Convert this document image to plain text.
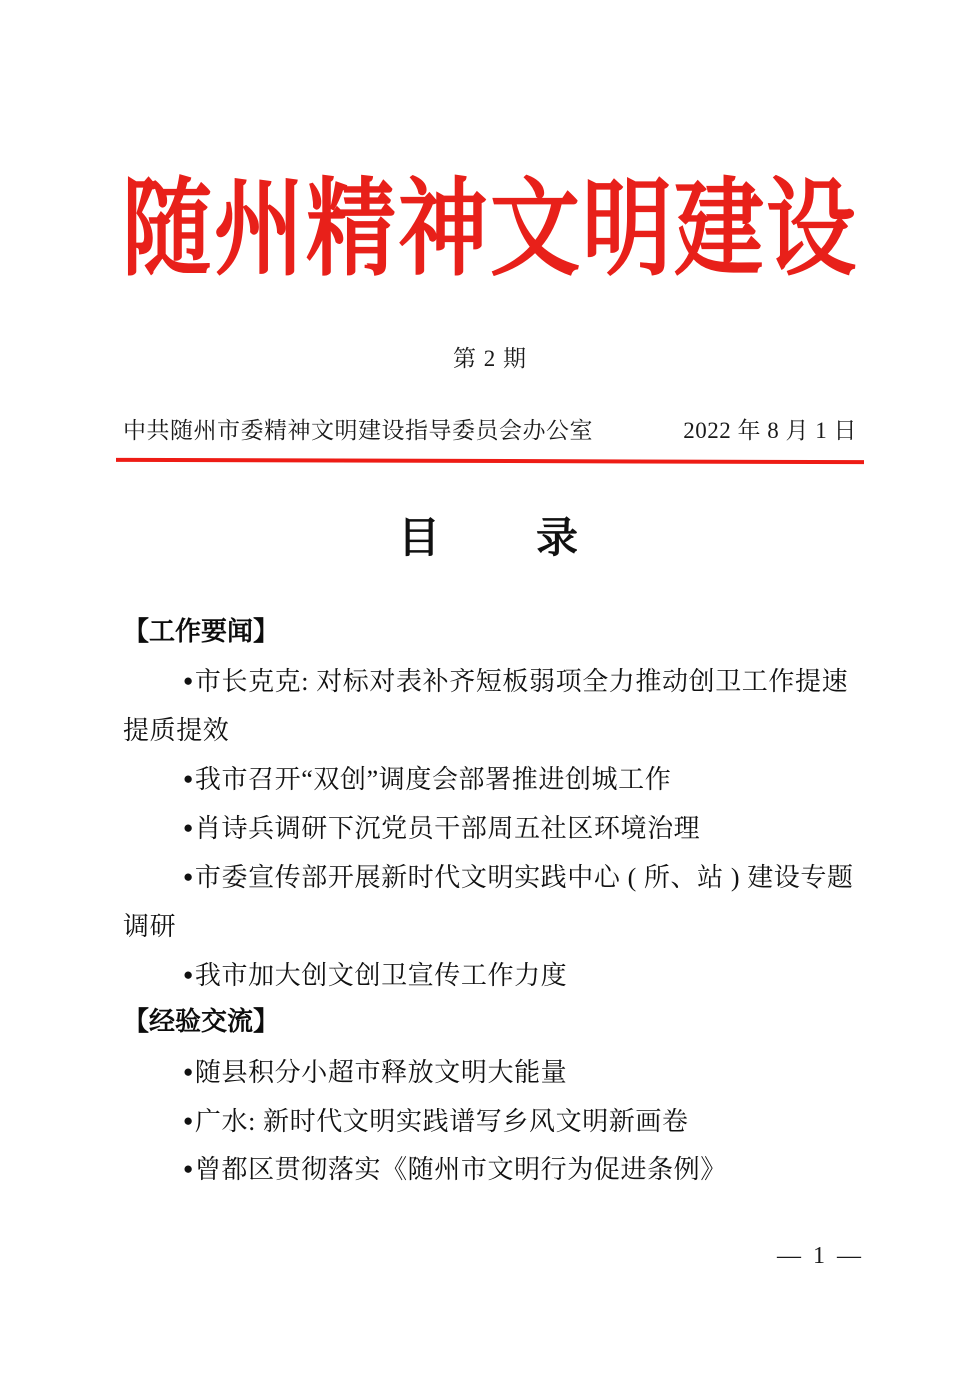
随州精神文明建设
第 2 期
中共随州市委精神文明建设指导委员会办公室	2022 年 8 月 1 日
目　　录
【工作要闻】

●市长克克: 对标对表补齐短板弱项全力推动创卫工作提速提质提效

●我市召开“双创”调度会部署推进创城工作

●肖诗兵调研下沉党员干部周五社区环境治理

●市委宣传部开展新时代文明实践中心 ( 所、站 ) 建设专题调研

●我市加大创文创卫宣传工作力度

【经验交流】

●随县积分小超市释放文明大能量

●广水: 新时代文明实践谱写乡风文明新画卷

●曾都区贯彻落实《随州市文明行为促进条例》

— 1 —
